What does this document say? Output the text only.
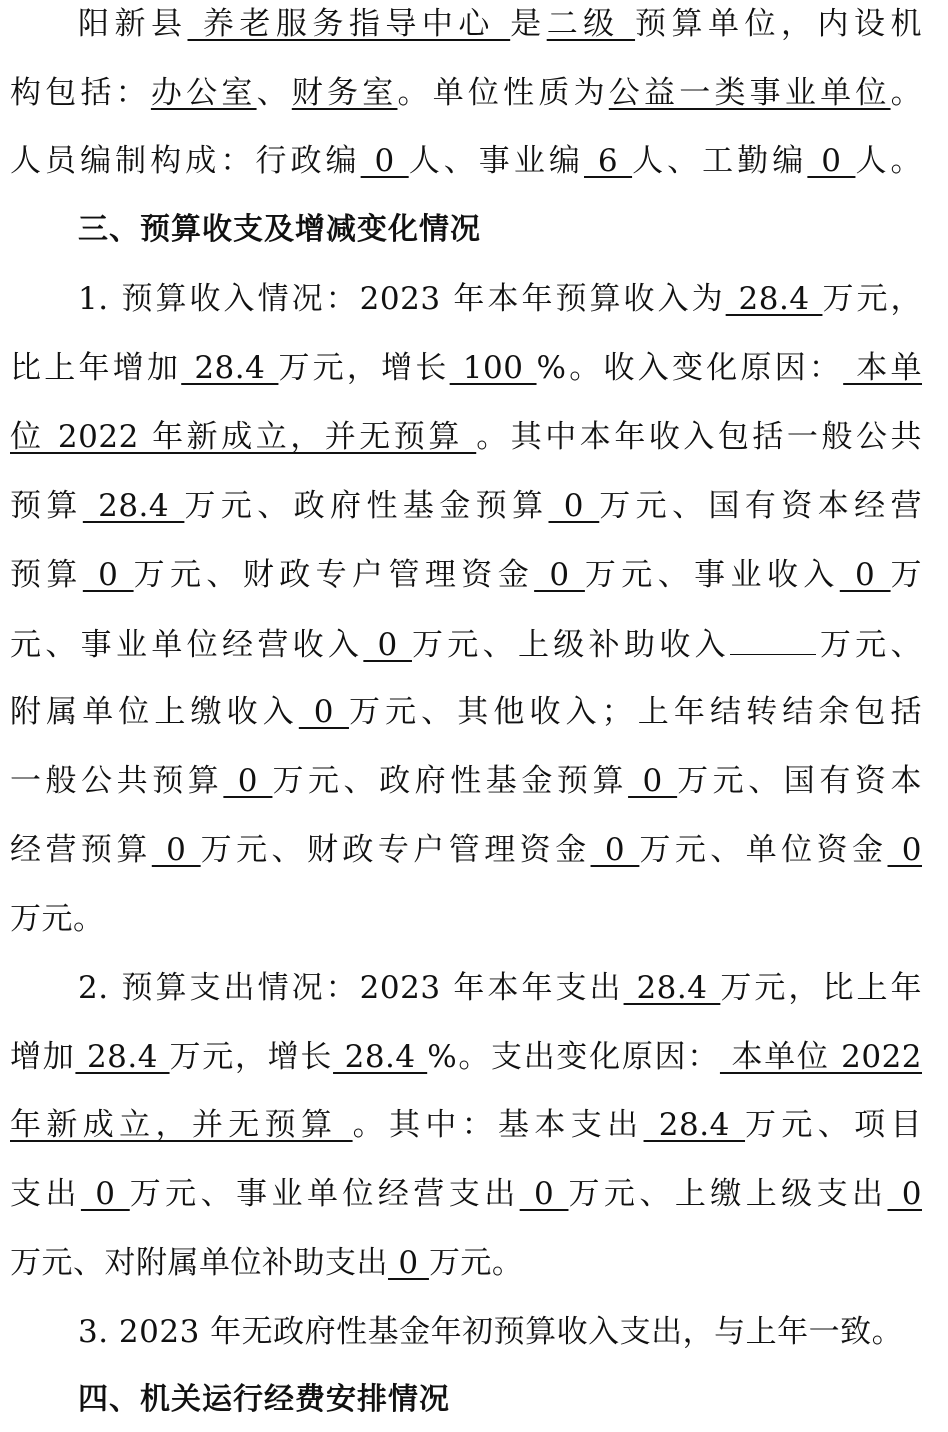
阳新县 养老服务指导中心 是二级 预算单位，内设机
构包括：办公室、财务室。单位性质为公益一类事业单位。
人员编制构成：行政编 0 人、事业编 6 人、工勤编 0 人。
三、预算收支及增减变化情况
1. 预算收入情况：2023 年本年预算收入为 28.4 万元，
比上年增加 28.4 万元，增长 100 %。收入变化原因： 本单
位 2022 年新成立，并无预算 。其中本年收入包括一般公共
预算 28.4 万元、政府性基金预算 0 万元、国有资本经营
预算 0 万元、财政专户管理资金 0 万元、事业收入 0 万
元、事业单位经营收入 0 万元、上级补助收入	万元、
附属单位上缴收入 0 万元、其他收入；上年结转结余包括
一般公共预算 0 万元、政府性基金预算 0 万元、国有资本
经营预算 0 万元、财政专户管理资金 0 万元、单位资金 0
万元。
2. 预算支出情况：2023 年本年支出 28.4 万元，比上年
增加 28.4 万元，增长 28.4 %。支出变化原因： 本单位 2022
年新成立，并无预算 。其中：基本支出 28.4 万元、项目
支出 0 万元、事业单位经营支出 0 万元、上缴上级支出 0
万元、对附属单位补助支出 0 万元。
3. 2023 年无政府性基金年初预算收入支出，与上年一致。
四、机关运行经费安排情况
